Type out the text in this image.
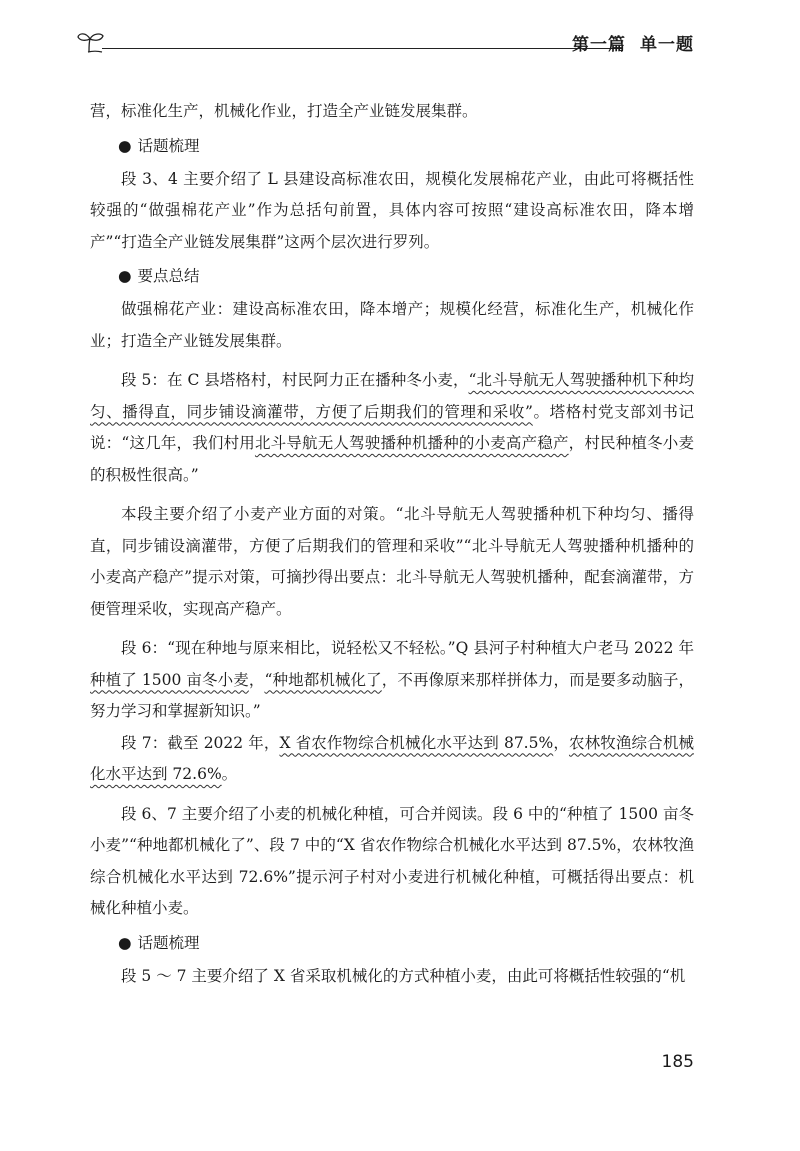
第一篇 单一题

营，标准化生产，机械化作业，打造全产业链发展集群。

● 话题梳理

段 3、4 主要介绍了 L 县建设高标准农田，规模化发展棉花产业，由此可将概括性较强的“做强棉花产业”作为总括句前置，具体内容可按照“建设高标准农田，降本增产”“打造全产业链发展集群”这两个层次进行罗列。

● 要点总结

做强棉花产业：建设高标准农田，降本增产；规模化经营，标准化生产，机械化作业；打造全产业链发展集群。

段 5：在 C 县塔格村，村民阿力正在播种冬小麦，“北斗导航无人驾驶播种机下种均匀、播得直，同步铺设滴灌带，方便了后期我们的管理和采收”。塔格村党支部刘书记说：“这几年，我们村用北斗导航无人驾驶播种机播种的小麦高产稳产，村民种植冬小麦的积极性很高。”

本段主要介绍了小麦产业方面的对策。“北斗导航无人驾驶播种机下种均匀、播得直，同步铺设滴灌带，方便了后期我们的管理和采收”“北斗导航无人驾驶播种机播种的小麦高产稳产”提示对策，可摘抄得出要点：北斗导航无人驾驶机播种，配套滴灌带，方便管理采收，实现高产稳产。

段 6：“现在种地与原来相比，说轻松又不轻松。”Q 县河子村种植大户老马 2022 年种植了 1500 亩冬小麦，“种地都机械化了，不再像原来那样拼体力，而是要多动脑子，努力学习和掌握新知识。”

段 7：截至 2022 年，X 省农作物综合机械化水平达到 87.5%，农林牧渔综合机械化水平达到 72.6%。

段 6、7 主要介绍了小麦的机械化种植，可合并阅读。段 6 中的“种植了 1500 亩冬小麦”“种地都机械化了”、段 7 中的“X 省农作物综合机械化水平达到 87.5%，农林牧渔综合机械化水平达到 72.6%”提示河子村对小麦进行机械化种植，可概括得出要点：机械化种植小麦。

● 话题梳理

段 5 ～ 7 主要介绍了 X 省采取机械化的方式种植小麦，由此可将概括性较强的“机

185
